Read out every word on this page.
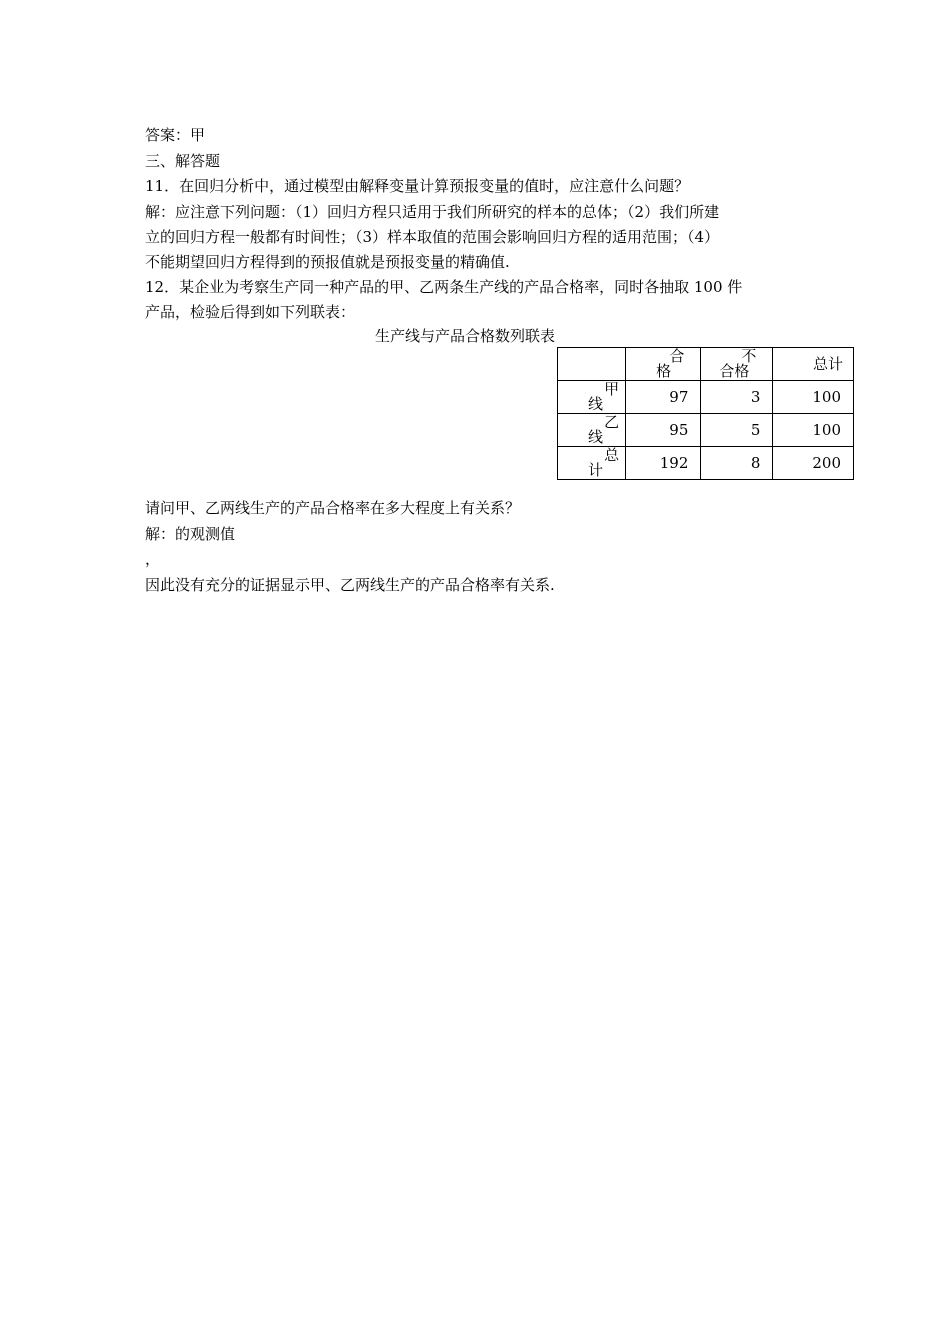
答案：甲
三、解答题
11．在回归分析中，通过模型由解释变量计算预报变量的值时，应注意什么问题？
解：应注意下列问题：（1）回归方程只适用于我们所研究的样本的总体；（2）我们所建
立的回归方程一般都有时间性；（3）样本取值的范围会影响回归方程的适用范围；（4）
不能期望回归方程得到的预报值就是预报变量的精确值.
12．某企业为考察生产同一种产品的甲、乙两条生产线的产品合格率，同时各抽取 100 件
产品，检验后得到如下列联表：
生产线与产品合格数列联表

	合
格	不
合格	总计

甲
线	97	3	100

乙
线	95	5	100

总
计	192	8	200
请问甲、乙两线生产的产品合格率在多大程度上有关系？
解：的观测值
，
因此没有充分的证据显示甲、乙两线生产的产品合格率有关系.
